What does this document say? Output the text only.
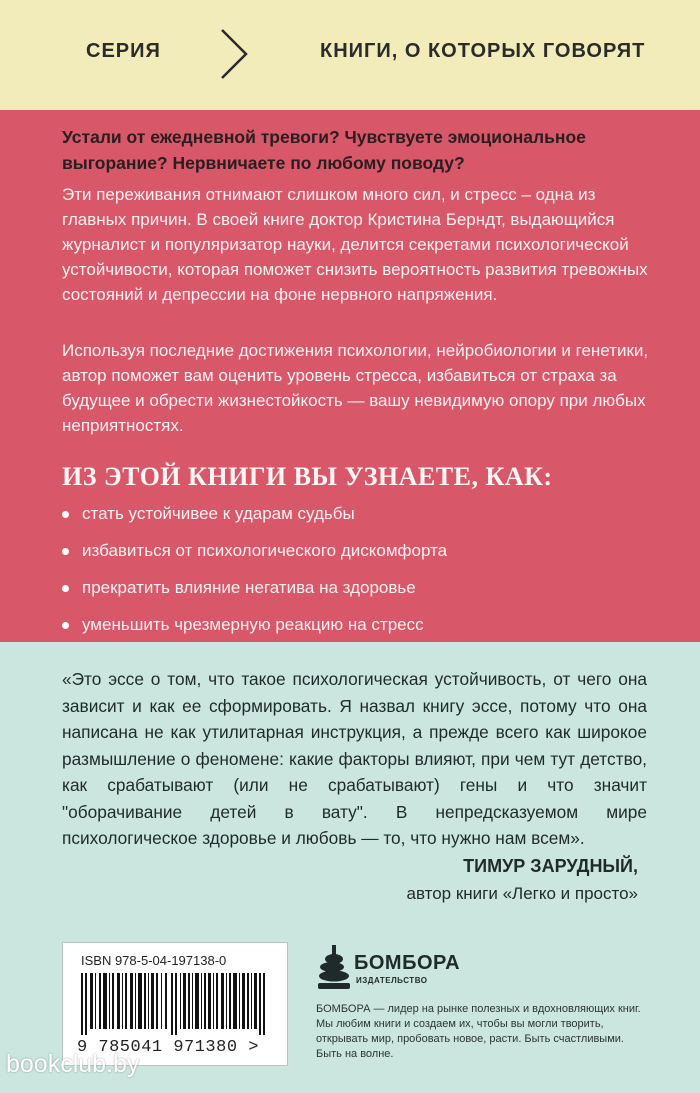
СЕРИЯ	КНИГИ, О КОТОРЫХ ГОВОРЯТ

Устали от ежедневной тревоги? Чувствуете эмоциональное выгорание? Нервничаете по любому поводу?

Эти переживания отнимают слишком много сил, и стресс – одна из главных причин. В своей книге доктор Кристина Берндт, выдающийся журналист и популяризатор науки, делится секретами психологической устойчивости, которая поможет снизить вероятность развития тревожных состояний и депрессии на фоне нервного напряжения.

Используя последние достижения психологии, нейробиологии и генетики, автор поможет вам оценить уровень стресса, избавиться от страха за будущее и обрести жизнестойкость — вашу невидимую опору при любых неприятностях.

ИЗ ЭТОЙ КНИГИ ВЫ УЗНАЕТЕ, КАК:
стать устойчивее к ударам судьбы
избавиться от психологического дискомфорта
прекратить влияние негатива на здоровье
уменьшить чрезмерную реакцию на стресс

«Это эссе о том, что такое психологическая устойчивость, от чего она зависит и как ее сформировать. Я назвал книгу эссе, потому что она написана не как утилитарная инструкция, а прежде всего как широкое размышление о феномене: какие факторы влияют, при чем тут детство, как срабатывают (или не срабатывают) гены и что значит "оборачивание детей в вату". В непредсказуемом мире психологическое здоровье и любовь — то, что нужно нам всем».

ТИМУР ЗАРУДНЫЙ,
автор книги «Легко и просто»
ISBN 978-5-04-197138-0
9 785041 971380 >
БОМБОРА
ИЗДАТЕЛЬСТВО

БОМБОРА — лидер на рынке полезных и вдохновляющих книг. Мы любим книги и создаем их, чтобы вы могли творить, открывать мир, пробовать новое, расти. Быть счастливыми. Быть на волне.

bookclub.by
